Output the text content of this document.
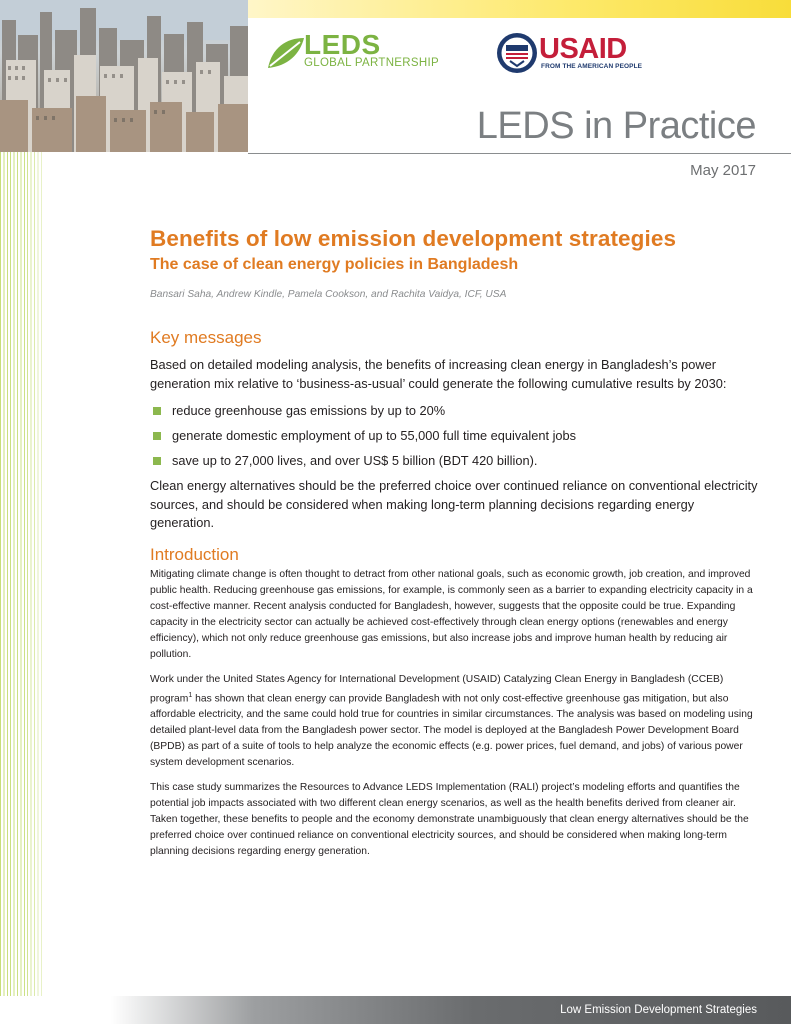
LEDS
GLOBAL PARTNERSHIP	USAID
FROM THE AMERICAN PEOPLE
LEDS in Practice
May 2017
Benefits of low emission development strategies
The case of clean energy policies in Bangladesh

Bansari Saha, Andrew Kindle, Pamela Cookson, and Rachita Vaidya, ICF, USA

Key messages

Based on detailed modeling analysis, the benefits of increasing clean energy in Bangladesh’s power generation mix relative to ‘business-as-usual’ could generate the following cumulative results by 2030:

reduce greenhouse gas emissions by up to 20%
generate domestic employment of up to 55,000 full time equivalent jobs
save up to 27,000 lives, and over US$ 5 billion (BDT 420 billion).

Clean energy alternatives should be the preferred choice over continued reliance on conventional electricity sources, and should be considered when making long-term planning decisions regarding energy generation.

Introduction

Mitigating climate change is often thought to detract from other national goals, such as economic growth, job creation, and improved public health. Reducing greenhouse gas emissions, for example, is commonly seen as a barrier to expanding electricity capacity in a cost-effective manner. Recent analysis conducted for Bangladesh, however, suggests that the opposite could be true. Expanding capacity in the electricity sector can actually be achieved cost-effectively through clean energy options (renewables and energy efficiency), which not only reduce greenhouse gas emissions, but also increase jobs and improve human health by reducing air pollution.

Work under the United States Agency for International Development (USAID) Catalyzing Clean Energy in Bangladesh (CCEB) program$^1$ has shown that clean energy can provide Bangladesh with not only cost-effective greenhouse gas mitigation, but also affordable electricity, and the same could hold true for countries in similar circumstances. The analysis was based on modeling using detailed plant-level data from the Bangladesh power sector. The model is deployed at the Bangladesh Power Development Board (BPDB) as part of a suite of tools to help analyze the economic effects (e.g. power prices, fuel demand, and jobs) of various power system development scenarios.

This case study summarizes the Resources to Advance LEDS Implementation (RALI) project’s modeling efforts and quantifies the potential job impacts associated with two different clean energy scenarios, as well as the health benefits derived from cleaner air. Taken together, these benefits to people and the economy demonstrate unambiguously that clean energy alternatives should be the preferred choice over continued reliance on conventional electricity sources, and should be considered when making long-term planning decisions regarding energy generation.

Low Emission Development Strategies
